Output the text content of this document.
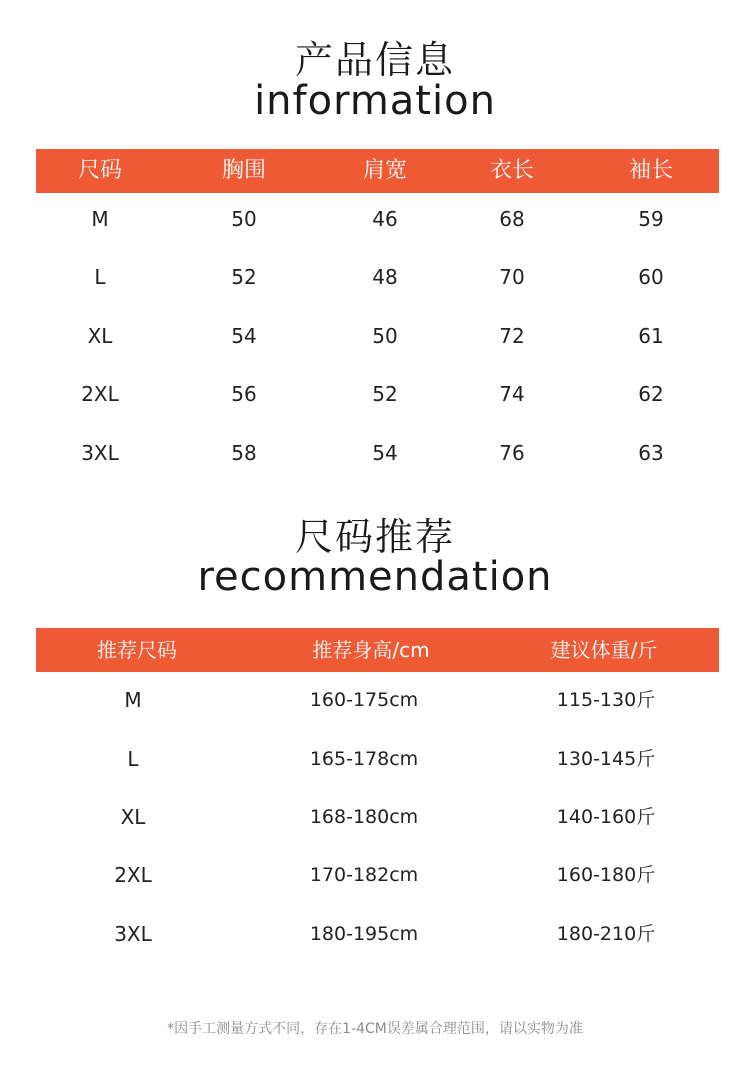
产品信息
information
尺码	胸围	肩宽	衣长	袖长
M	50	46	68	59
L	52	48	70	60
XL	54	50	72	61
2XL	56	52	74	62
3XL	58	54	76	63
尺码推荐
recommendation
推荐尺码	推荐身高/cm	建议体重/斤
M	160-175cm	115-130斤
L	165-178cm	130-145斤
XL	168-180cm	140-160斤
2XL	170-182cm	160-180斤
3XL	180-195cm	180-210斤
*因手工测量方式不同，存在1-4CM误差属合理范围，请以实物为准
